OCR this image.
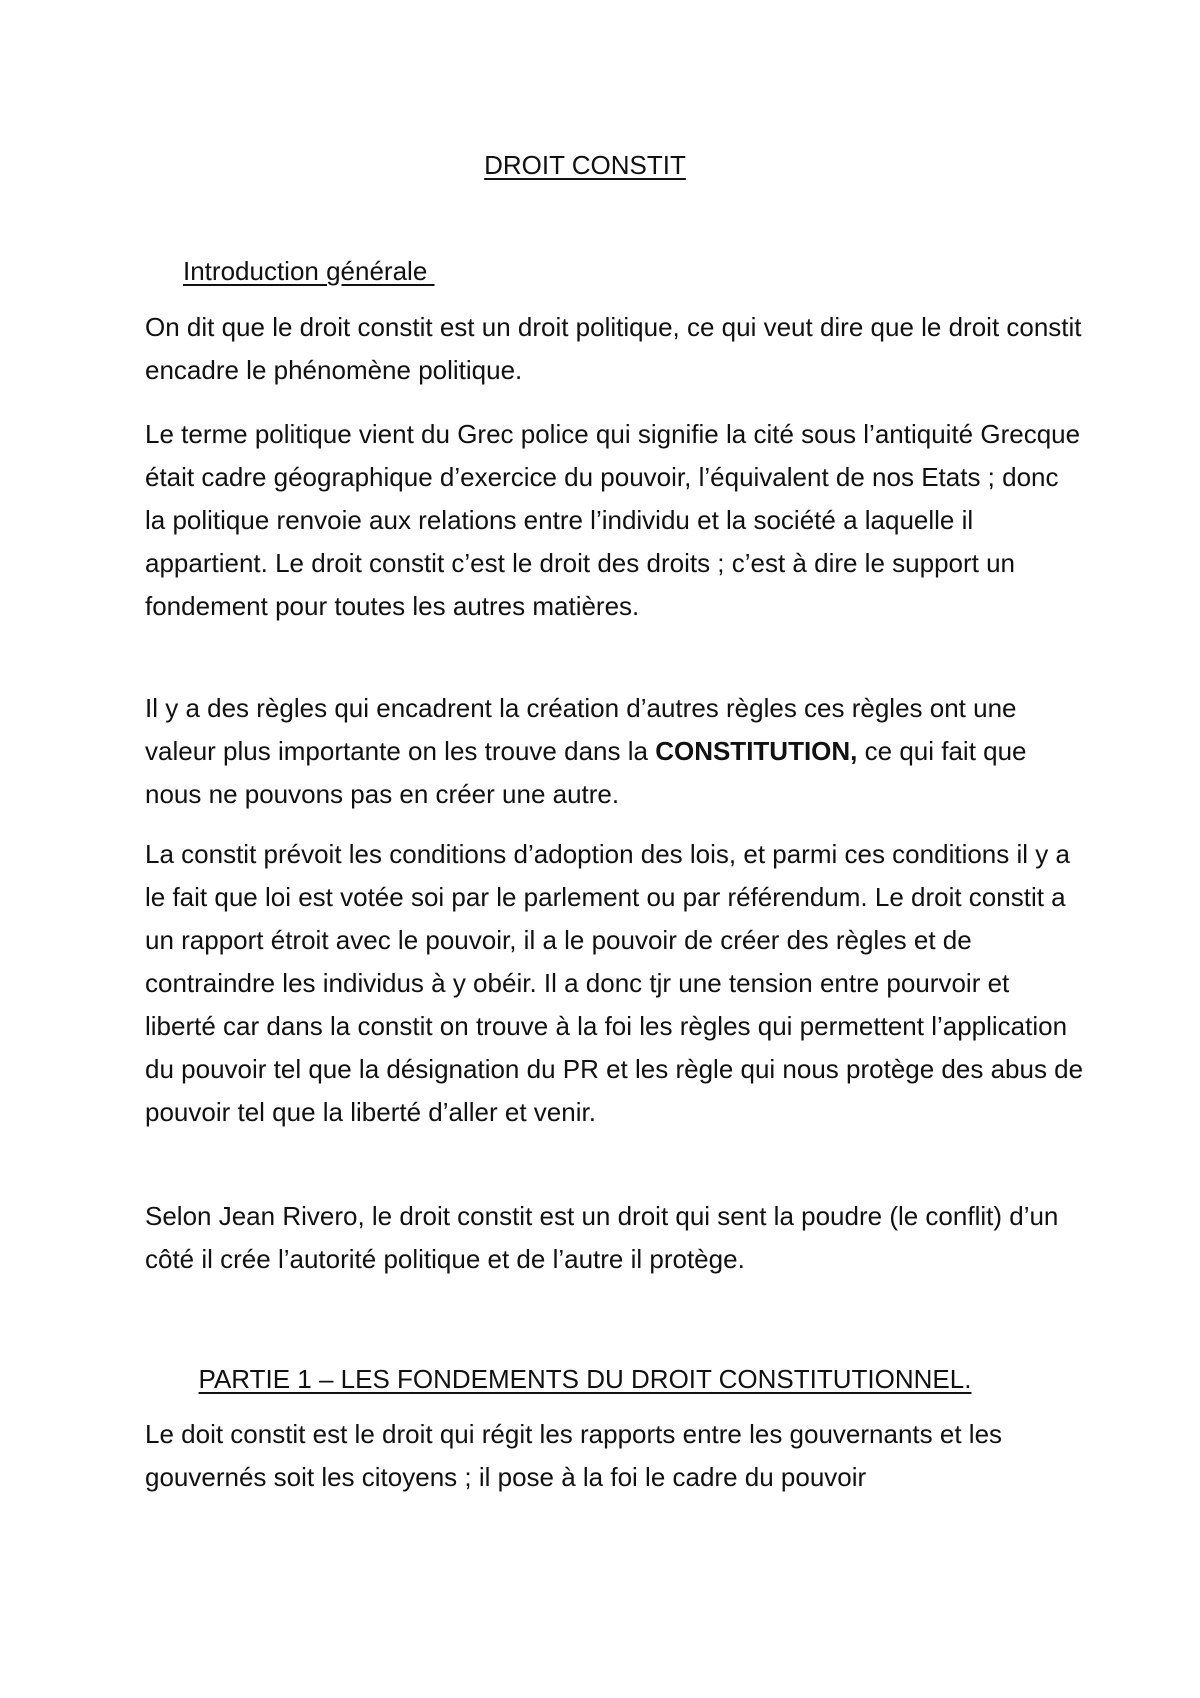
DROIT CONSTIT
Introduction générale

On dit que le droit constit est un droit politique, ce qui veut dire que le droit constit encadre le phénomène politique.

Le terme politique vient du Grec police qui signifie la cité sous l’antiquité Grecque était cadre géographique d’exercice du pouvoir, l’équivalent de nos Etats ; donc la politique renvoie aux relations entre l’individu et la société a laquelle il appartient. Le droit constit c’est le droit des droits ; c’est à dire le support un fondement pour toutes les autres matières.

Il y a des règles qui encadrent la création d’autres règles ces règles ont une valeur plus importante on les trouve dans la CONSTITUTION, ce qui fait que nous ne pouvons pas en créer une autre.

La constit prévoit les conditions d’adoption des lois, et parmi ces conditions il y a le fait que loi est votée soi par le parlement ou par référendum. Le droit constit a un rapport étroit avec le pouvoir, il a le pouvoir de créer des règles et de contraindre les individus à y obéir. Il a donc tjr une tension entre pourvoir et liberté car dans la constit on trouve à la foi les règles qui permettent l’application du pouvoir tel que la désignation du PR et les règle qui nous protège des abus de pouvoir tel que la liberté d’aller et venir.

Selon Jean Rivero, le droit constit est un droit qui sent la poudre (le conflit) d’un côté il crée l’autorité politique et de l’autre il protège.

PARTIE 1 – LES FONDEMENTS DU DROIT CONSTITUTIONNEL.

Le doit constit est le droit qui régit les rapports entre les gouvernants et les gouvernés soit les citoyens ; il pose à la foi le cadre du pouvoir
